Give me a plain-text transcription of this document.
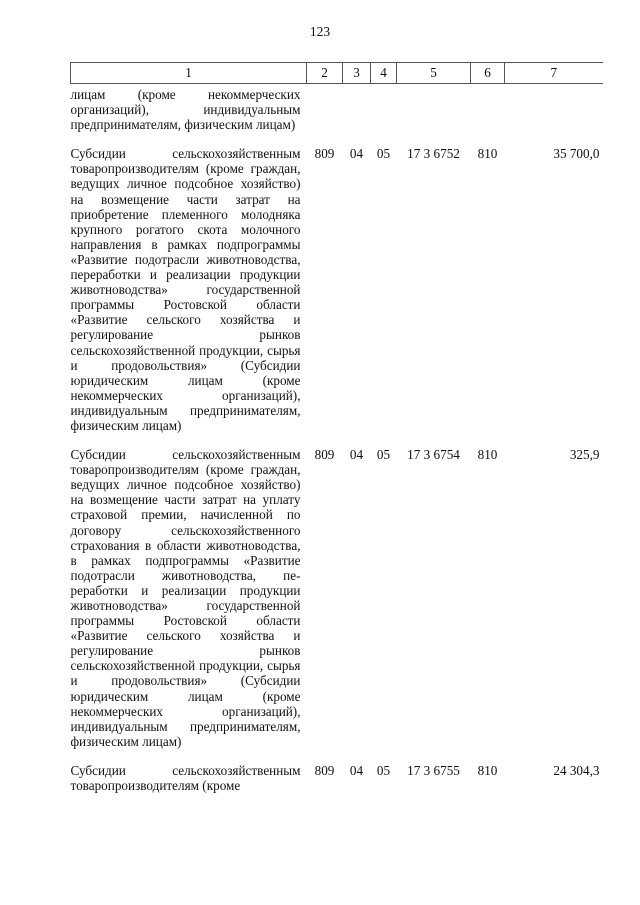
123
1	2	3	4	5	6	7
лицам (кроме некоммерческих организаций), индивидуальным предпринимателям, физическим лицам)						
Субсидии сельскохозяйственным товаропроизводителям (кроме граждан, ведущих личное подсобное хозяйство) на возмещение части затрат на приобретение племенного молодняка крупного рогатого скота молочного направления в рамках подпрограммы «Развитие подотрасли животноводства, переработки и реализации продукции животноводства» государственной программы Ростовской области «Развитие сельского хозяйства и регулирование рынков сельскохозяйственной продукции, сырья и продовольствия» (Субсидии юридическим лицам (кроме некоммерческих организаций), индивидуальным предпринимателям, физическим лицам)	809	04	05	17 3 6752	810	35 700,0
Субсидии сельскохозяйственным товаропроизводителям (кроме граждан, ведущих личное подсобное хозяйство) на возмещение части затрат на уплату страховой премии, начисленной по договору сельскохозяйственного страхования в области животноводства, в рамках подпрограммы «Развитие подотрасли животноводства, переработки и реализации продукции животноводства» государственной программы Ростовской области «Развитие сельского хозяйства и регулирование рынков сельскохозяйственной продукции, сырья и продовольствия» (Субсидии юридическим лицам (кроме некоммерческих организаций), индивидуальным предпринимателям, физическим лицам)	809	04	05	17 3 6754	810	325,9
Субсидии сельскохозяйственным товаропроизводителям (кроме	809	04	05	17 3 6755	810	24 304,3
